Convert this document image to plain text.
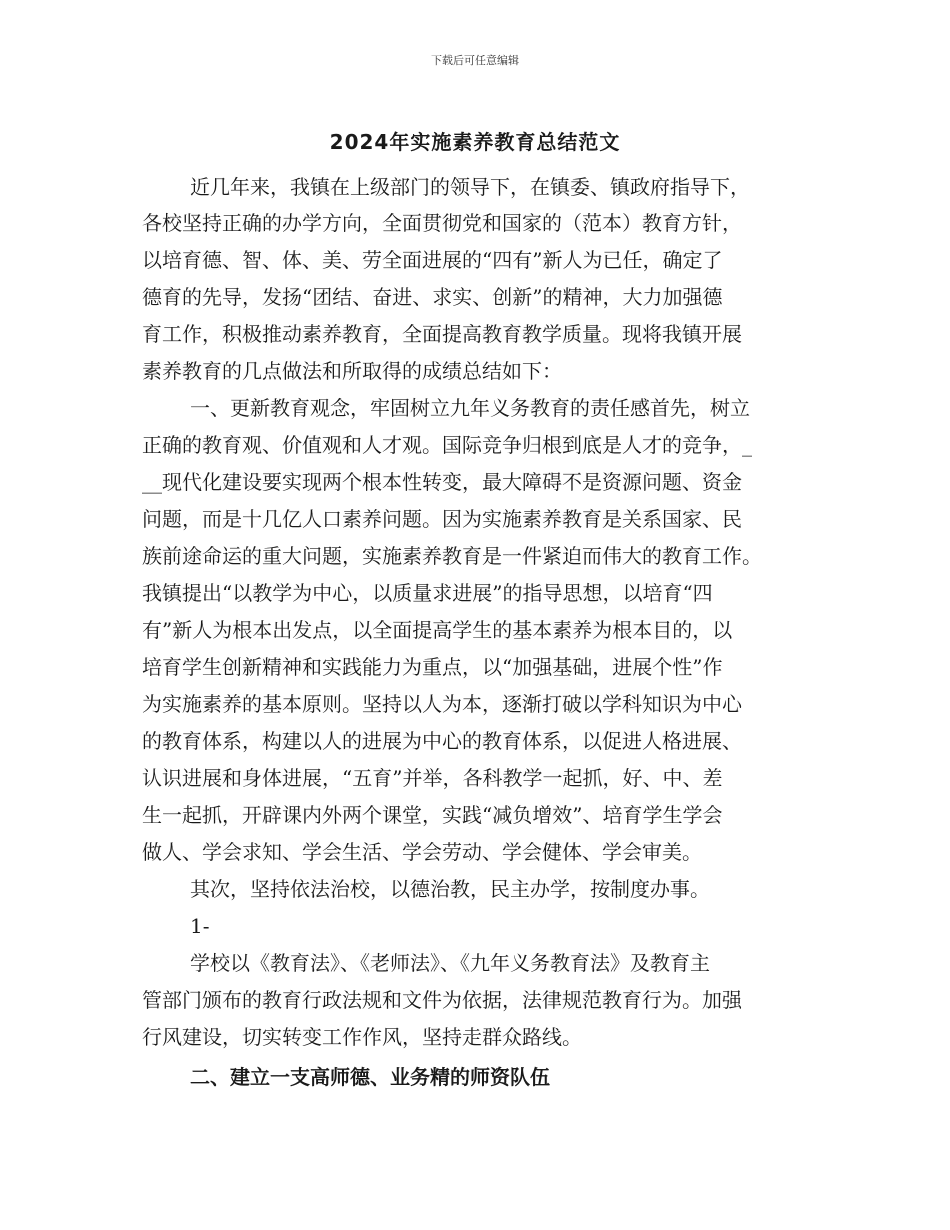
下载后可任意编辑
2024年实施素养教育总结范文
近几年来，我镇在上级部门的领导下，在镇委、镇政府指导下，
各校坚持正确的办学方向，全面贯彻党和国家的（范本）教育方针，
以培育德、智、体、美、劳全面进展的“四有”新人为已任，确定了
德育的先导，发扬“团结、奋进、求实、创新”的精神，大力加强德
育工作，积极推动素养教育，全面提高教育教学质量。现将我镇开展
素养教育的几点做法和所取得的成绩总结如下：
一、更新教育观念，牢固树立九年义务教育的责任感首先，树立
正确的教育观、价值观和人才观。国际竞争归根到底是人才的竞争，_
__现代化建设要实现两个根本性转变，最大障碍不是资源问题、资金
问题，而是十几亿人口素养问题。因为实施素养教育是关系国家、民
族前途命运的重大问题，实施素养教育是一件紧迫而伟大的教育工作。
我镇提出“以教学为中心，以质量求进展”的指导思想，以培育“四
有”新人为根本出发点，以全面提高学生的基本素养为根本目的，以
培育学生创新精神和实践能力为重点，以“加强基础，进展个性”作
为实施素养的基本原则。坚持以人为本，逐渐打破以学科知识为中心
的教育体系，构建以人的进展为中心的教育体系，以促进人格进展、
认识进展和身体进展，“五育”并举，各科教学一起抓，好、中、差
生一起抓，开辟课内外两个课堂，实践“减负增效”、培育学生学会
做人、学会求知、学会生活、学会劳动、学会健体、学会审美。
其次，坚持依法治校，以德治教，民主办学，按制度办事。
1-
学校以《教育法》、《老师法》、《九年义务教育法》及教育主
管部门颁布的教育行政法规和文件为依据，法律规范教育行为。加强
行风建设，切实转变工作作风，坚持走群众路线。
二、建立一支高师德、业务精的师资队伍
